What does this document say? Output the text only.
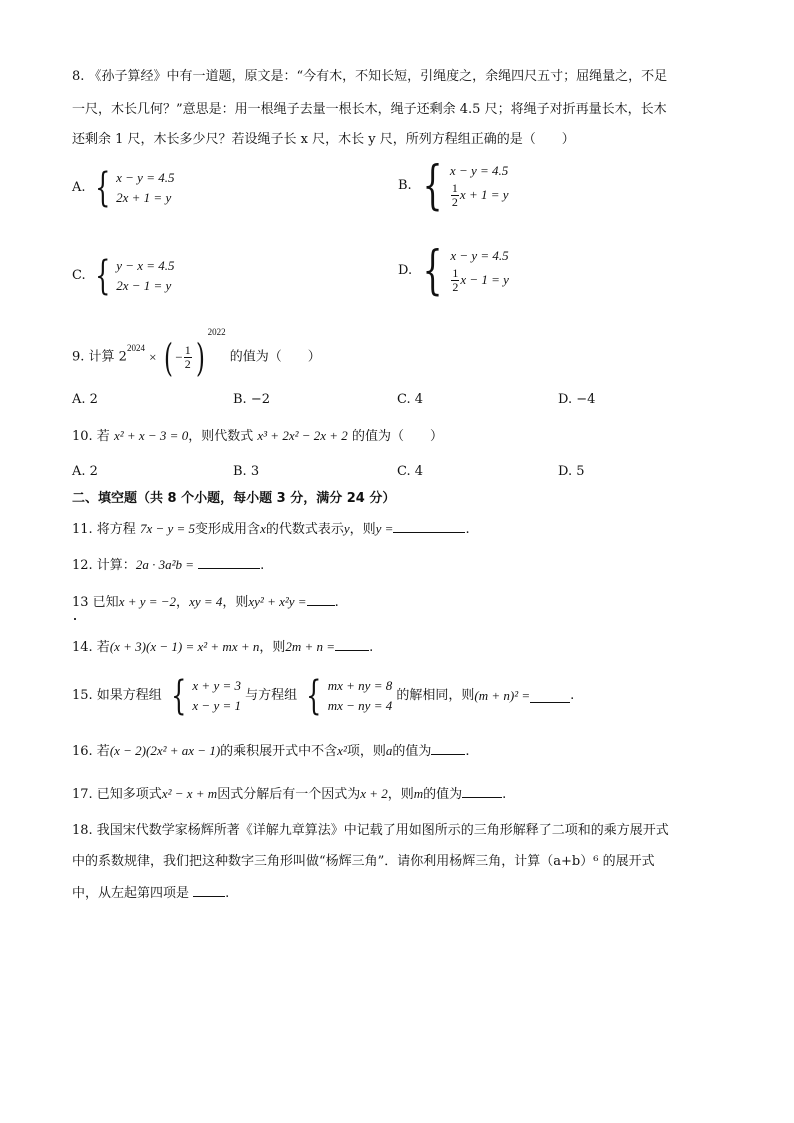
8. 《孙子算经》中有一道题，原文是：“今有木，不知长短，引绳度之，余绳四尺五寸；屈绳量之，不足
一尺，木长几何？”意思是：用一根绳子去量一根长木，绳子还剩余 4.5 尺；将绳子对折再量长木，长木
还剩余 1 尺，木长多少尺？若设绳子长 x 尺，木长 y 尺，所列方程组正确的是（　　）
A. { x − y = 4.5
2x + 1 = y
B. { x − y = 4.5
$\frac{1}{2}$ x + 1 = y
C. { y − x = 4.5
2x − 1 = y
D. { x − y = 4.5
$\frac{1}{2}$ x − 1 = y
9. 计算 $2^{2024}$ × ( − $\frac{1}{2} )^{2022}$ 的值为（　　）
A. 2	B. −2	C. 4	D. −4
10. 若 x² + x − 3 = 0，则代数式 x³ + 2x² − 2x + 2 的值为（　　）
A. 2	B. 3	C. 4	D. 5
二、填空题（共 8 个小题，每小题 3 分，满分 24 分）
11. 将方程 7x − y = 5变形成用含x的代数式表示y，则y =	.
12. 计算：2a · 3a²b =	.
13 已知x + y = −2，xy = 4，则xy² + x²y = .
14. 若(x + 3)(x − 1) = x² + mx + n，则2m + n =	.
15. 如果方程组 { x + y = 3
x − y = 1
与方程组 { mx + ny = 8
mx − ny = 4
的解相同，则(m + n)² =	.
16. 若(x − 2)(2x² + ax − 1)的乘积展开式中不含x²项，则a的值为	.
17. 已知多项式x² − x + m因式分解后有一个因式为x + 2，则m的值为	.
18. 我国宋代数学家杨辉所著《详解九章算法》中记载了用如图所示的三角形解释了二项和的乘方展开式
中的系数规律，我们把这种数字三角形叫做“杨辉三角”．请你利用杨辉三角，计算（a+b）⁶ 的展开式
中，从左起第四项是	.
